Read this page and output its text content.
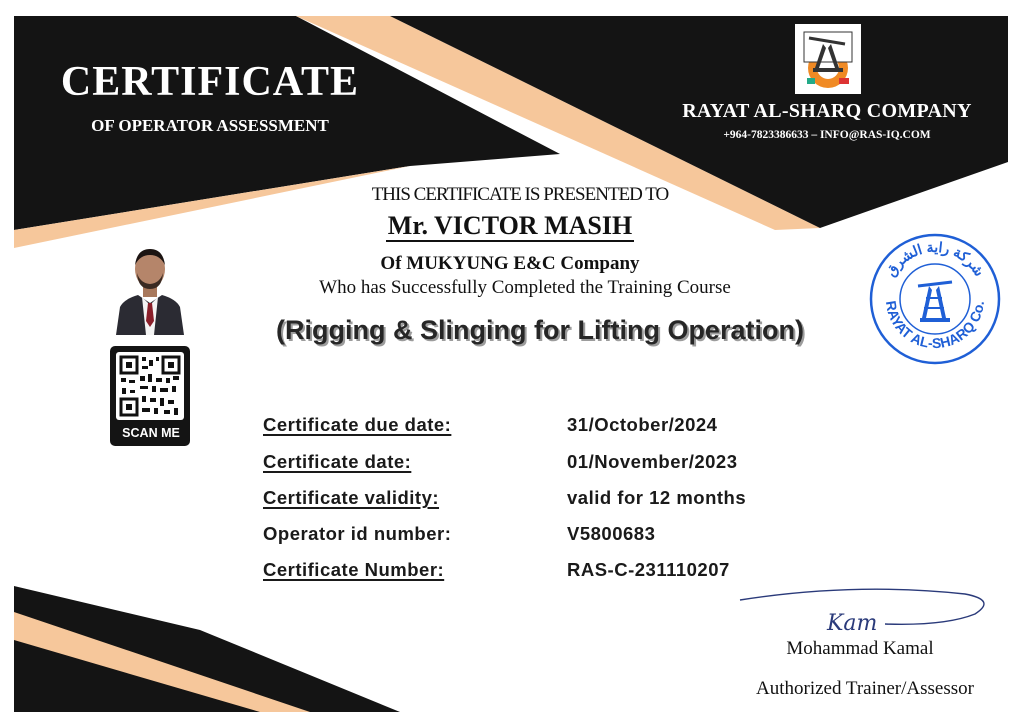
CERTIFICATE
OF OPERATOR ASSESSMENT
RAYAT AL-SHARQ COMPANY
+964-7823386633 – INFO@RAS-IQ.COM
THIS CERTIFICATE IS PRESENTED TO
Mr. VICTOR MASIH
Of MUKYUNG E&C Company
Who has Successfully Completed the Training Course
(Rigging & Slinging for Lifting Operation)
SCAN ME
شركة راية الشرق
RAYAT AL-SHARQ Co.
Certificate due date:	31/October/2024
Certificate date:	01/November/2023
Certificate validity:	valid for 12 months
Operator id number:	V5800683
Certificate Number:	RAS-C-231110207
Kam
Mohammad Kamal
Authorized Trainer/Assessor
